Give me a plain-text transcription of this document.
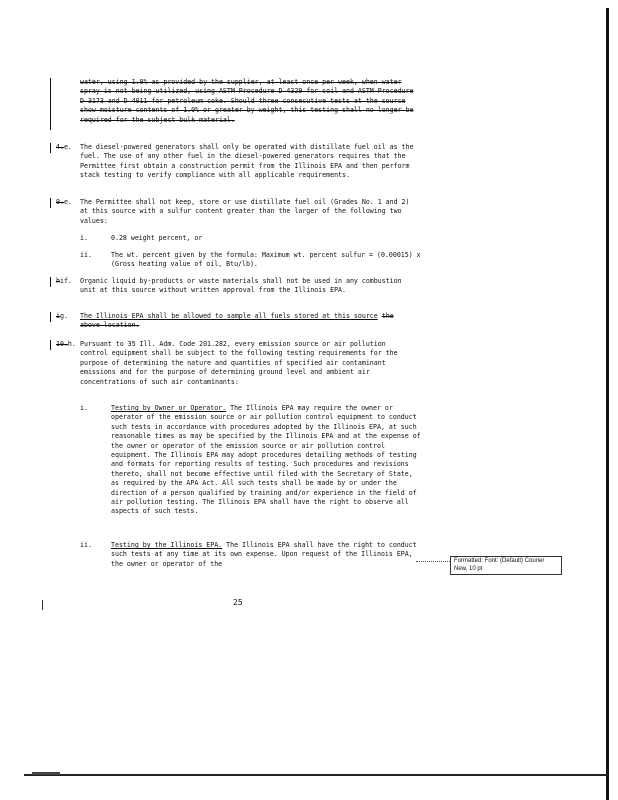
water, using 1.0% as provided by the supplier, at least once per week, when water spray is not being utilized, using ASTM Procedure D 4329 for soil and ASTM Procedure D 3173 and D 4011 for petroleum coke. Should three consecutive tests at the source show moisture contents of 1.0% or greater by weight, this testing shall no longer be required for the subject bulk material.

4.e. The diesel-powered generators shall only be operated with distillate fuel oil as the fuel. The use of any other fuel in the diesel-powered generators requires that the Permittee first obtain a construction permit from the Illinois EPA and then perform stack testing to verify compliance with all applicable requirements.

9.e. The Permittee shall not keep, store or use distillate fuel oil (Grades No. 1 and 2) at this source with a sulfur content greater than the larger of the following two values:

i.	0.28 weight percent, or
ii.	The wt. percent given by the formula: Maximum wt. percent sulfur = (0.00015) x (Gross heating value of oil, Btu/lb).
hif. Organic liquid by-products or waste materials shall not be used in any combustion unit at this source without written approval from the Illinois EPA.

ig. The Illinois EPA shall be allowed to sample all fuels stored at this source the above location.

10.h. Pursuant to 35 Ill. Adm. Code 201.282, every emission source or air pollution control equipment shall be subject to the following testing requirements for the purpose of determining the nature and quantities of specified air contaminant emissions and for the purpose of determining ground level and ambient air concentrations of such air contaminants:

i.	Testing by Owner or Operator. The Illinois EPA may require the owner or operator of the emission source or air pollution control equipment to conduct such tests in accordance with procedures adopted by the Illinois EPA, at such reasonable times as may be specified by the Illinois EPA and at the expense of the owner or operator of the emission source or air pollution control equipment. The Illinois EPA may adopt procedures detailing methods of testing and formats for reporting results of testing. Such procedures and revisions thereto, shall not become effective until filed with the Secretary of State, as required by the APA Act. All such tests shall be made by or under the direction of a person qualified by training and/or experience in the field of air pollution testing. The Illinois EPA shall have the right to observe all aspects of such tests.
ii.	Testing by the Illinois EPA. The Illinois EPA shall have the right to conduct such tests at any time at its own expense. Upon request of the Illinois EPA, the owner or operator of the	Formatted: Font: (Default) Courier New, 10 pt
25
